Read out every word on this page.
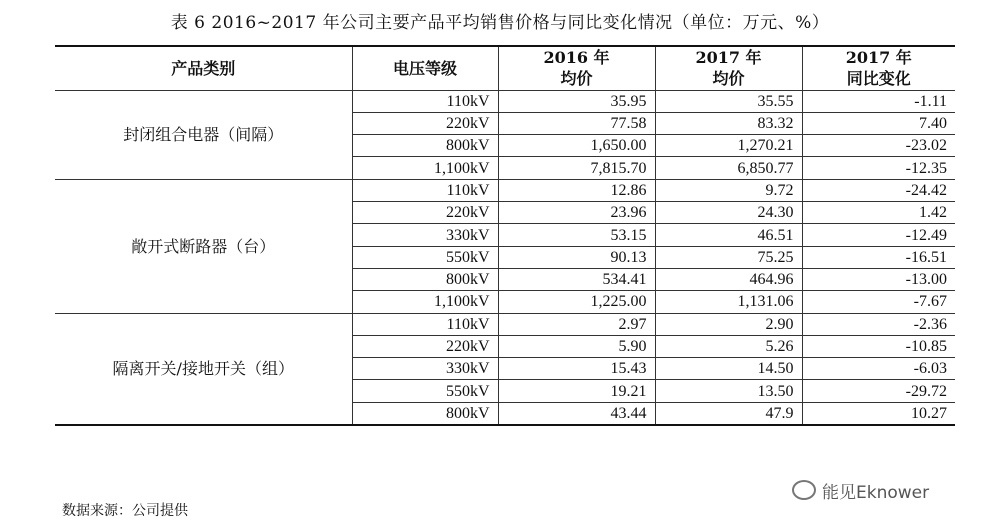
表 6 2016~2017 年公司主要产品平均销售价格与同比变化情况（单位：万元、%）
产品类别	电压等级	2016 年	2017 年	2017 年
		均价	均价	同比变化
封闭组合电器（间隔）	110kV	35.95	35.55	-1.11
	220kV	77.58	83.32	7.40
	800kV	1,650.00	1,270.21	-23.02
	1,100kV	7,815.70	6,850.77	-12.35
敞开式断路器（台）	110kV	12.86	9.72	-24.42
	220kV	23.96	24.30	1.42
	330kV	53.15	46.51	-12.49
	550kV	90.13	75.25	-16.51
	800kV	534.41	464.96	-13.00
	1,100kV	1,225.00	1,131.06	-7.67
隔离开关/接地开关（组）	110kV	2.97	2.90	-2.36
	220kV	5.90	5.26	-10.85
	330kV	15.43	14.50	-6.03
	550kV	19.21	13.50	-29.72
	800kV	43.44	47.9	10.27
数据来源：公司提供
能见Eknower
